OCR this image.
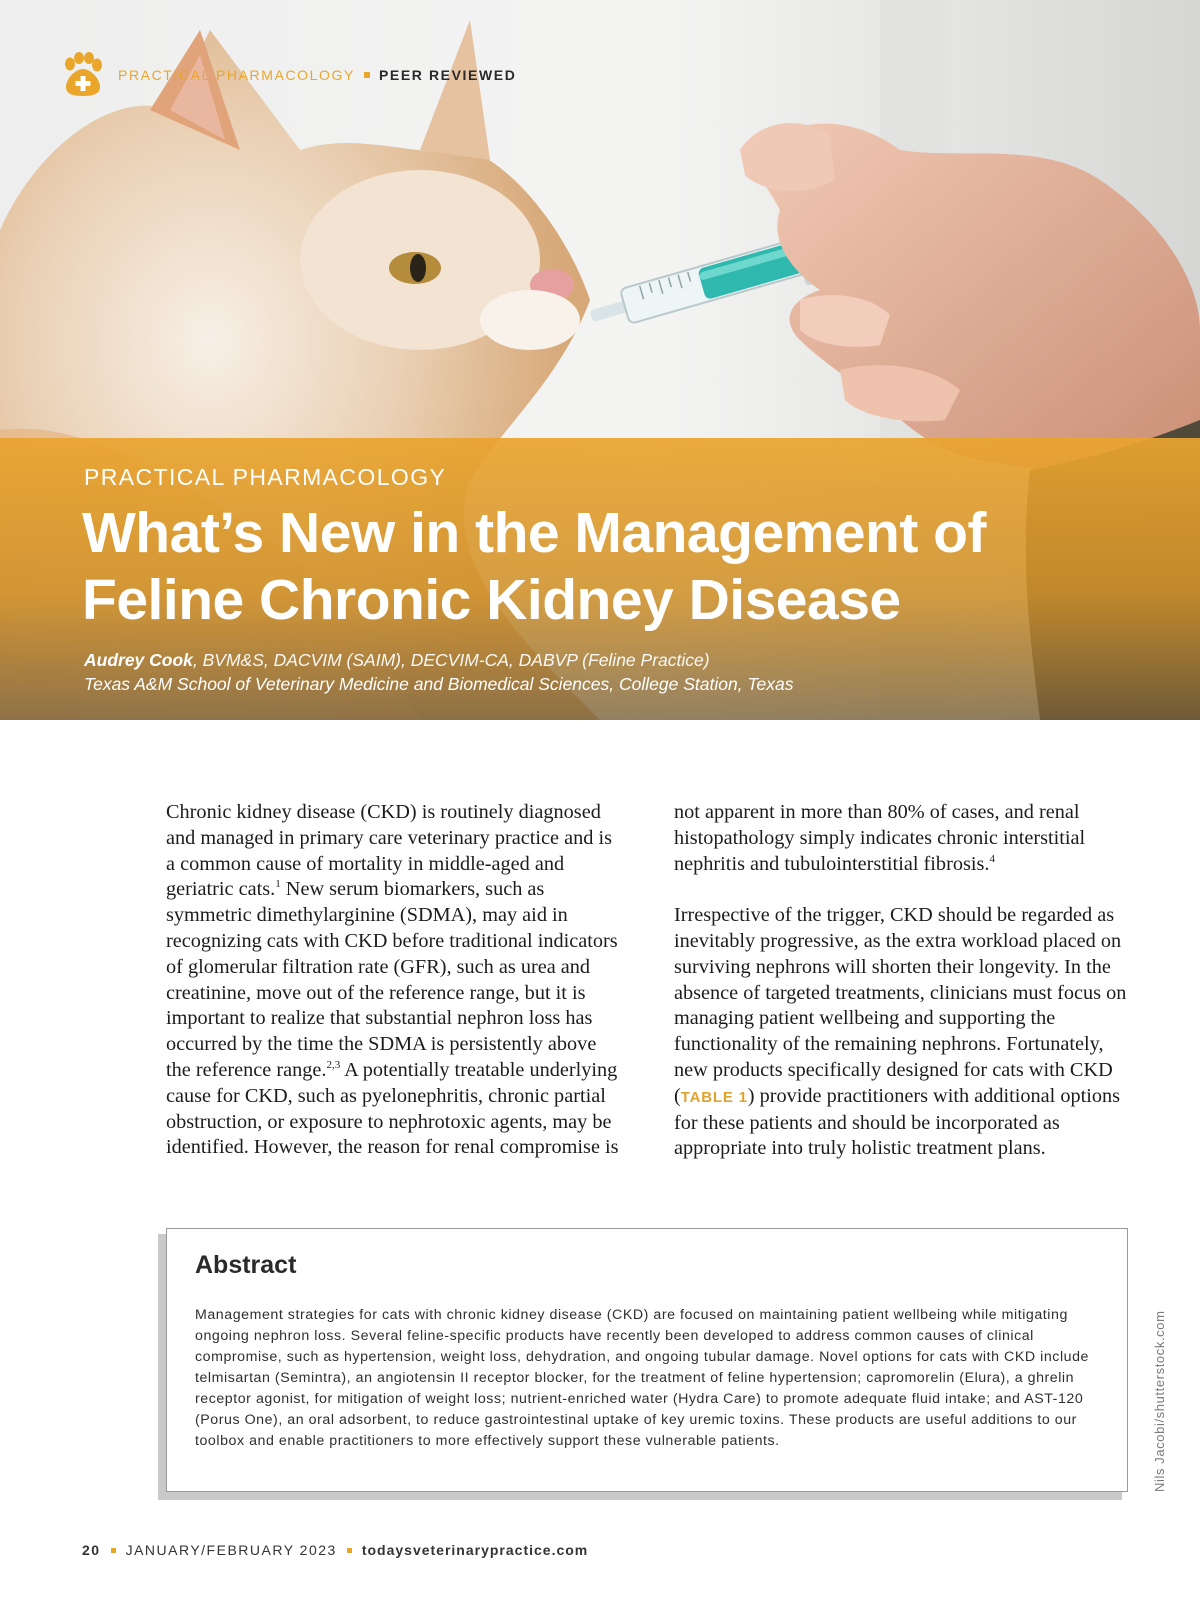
PRACTICAL PHARMACOLOGY PEER REVIEWED
PRACTICAL PHARMACOLOGY
What’s New in the Management of Feline Chronic Kidney Disease
Audrey Cook, BVM&S, DACVIM (SAIM), DECVIM-CA, DABVP (Feline Practice)
Texas A&M School of Veterinary Medicine and Biomedical Sciences, College Station, Texas

Chronic kidney disease (CKD) is routinely diagnosed and managed in primary care veterinary practice and is a common cause of mortality in middle-aged and geriatric cats.$^1$ New serum biomarkers, such as symmetric dimethylarginine (SDMA), may aid in recognizing cats with CKD before traditional indicators of glomerular filtration rate (GFR), such as urea and creatinine, move out of the reference range, but it is important to realize that substantial nephron loss has occurred by the time the SDMA is persistently above the reference range.$^{2,3}$ A potentially treatable underlying cause for CKD, such as pyelonephritis, chronic partial obstruction, or exposure to nephrotoxic agents, may be identified. However, the reason for renal compromise is

not apparent in more than 80% of cases, and renal histopathology simply indicates chronic interstitial nephritis and tubulointerstitial fibrosis.$^4$

Irrespective of the trigger, CKD should be regarded as inevitably progressive, as the extra workload placed on surviving nephrons will shorten their longevity. In the absence of targeted treatments, clinicians must focus on managing patient wellbeing and supporting the functionality of the remaining nephrons. Fortunately, new products specifically designed for cats with CKD (TABLE 1) provide practitioners with additional options for these patients and should be incorporated as appropriate into truly holistic treatment plans.

Abstract

Management strategies for cats with chronic kidney disease (CKD) are focused on maintaining patient wellbeing while mitigating ongoing nephron loss. Several feline-specific products have recently been developed to address common causes of clinical compromise, such as hypertension, weight loss, dehydration, and ongoing tubular damage. Novel options for cats with CKD include telmisartan (Semintra), an angiotensin II receptor blocker, for the treatment of feline hypertension; capromorelin (Elura), a ghrelin receptor agonist, for mitigation of weight loss; nutrient-enriched water (Hydra Care) to promote adequate fluid intake; and AST-120 (Porus One), an oral adsorbent, to reduce gastrointestinal uptake of key uremic toxins. These products are useful additions to our toolbox and enable practitioners to more effectively support these vulnerable patients.	Nils Jacobi/shutterstock.com
20 JANUARY/FEBRUARY 2023 todaysveterinarypractice.com
